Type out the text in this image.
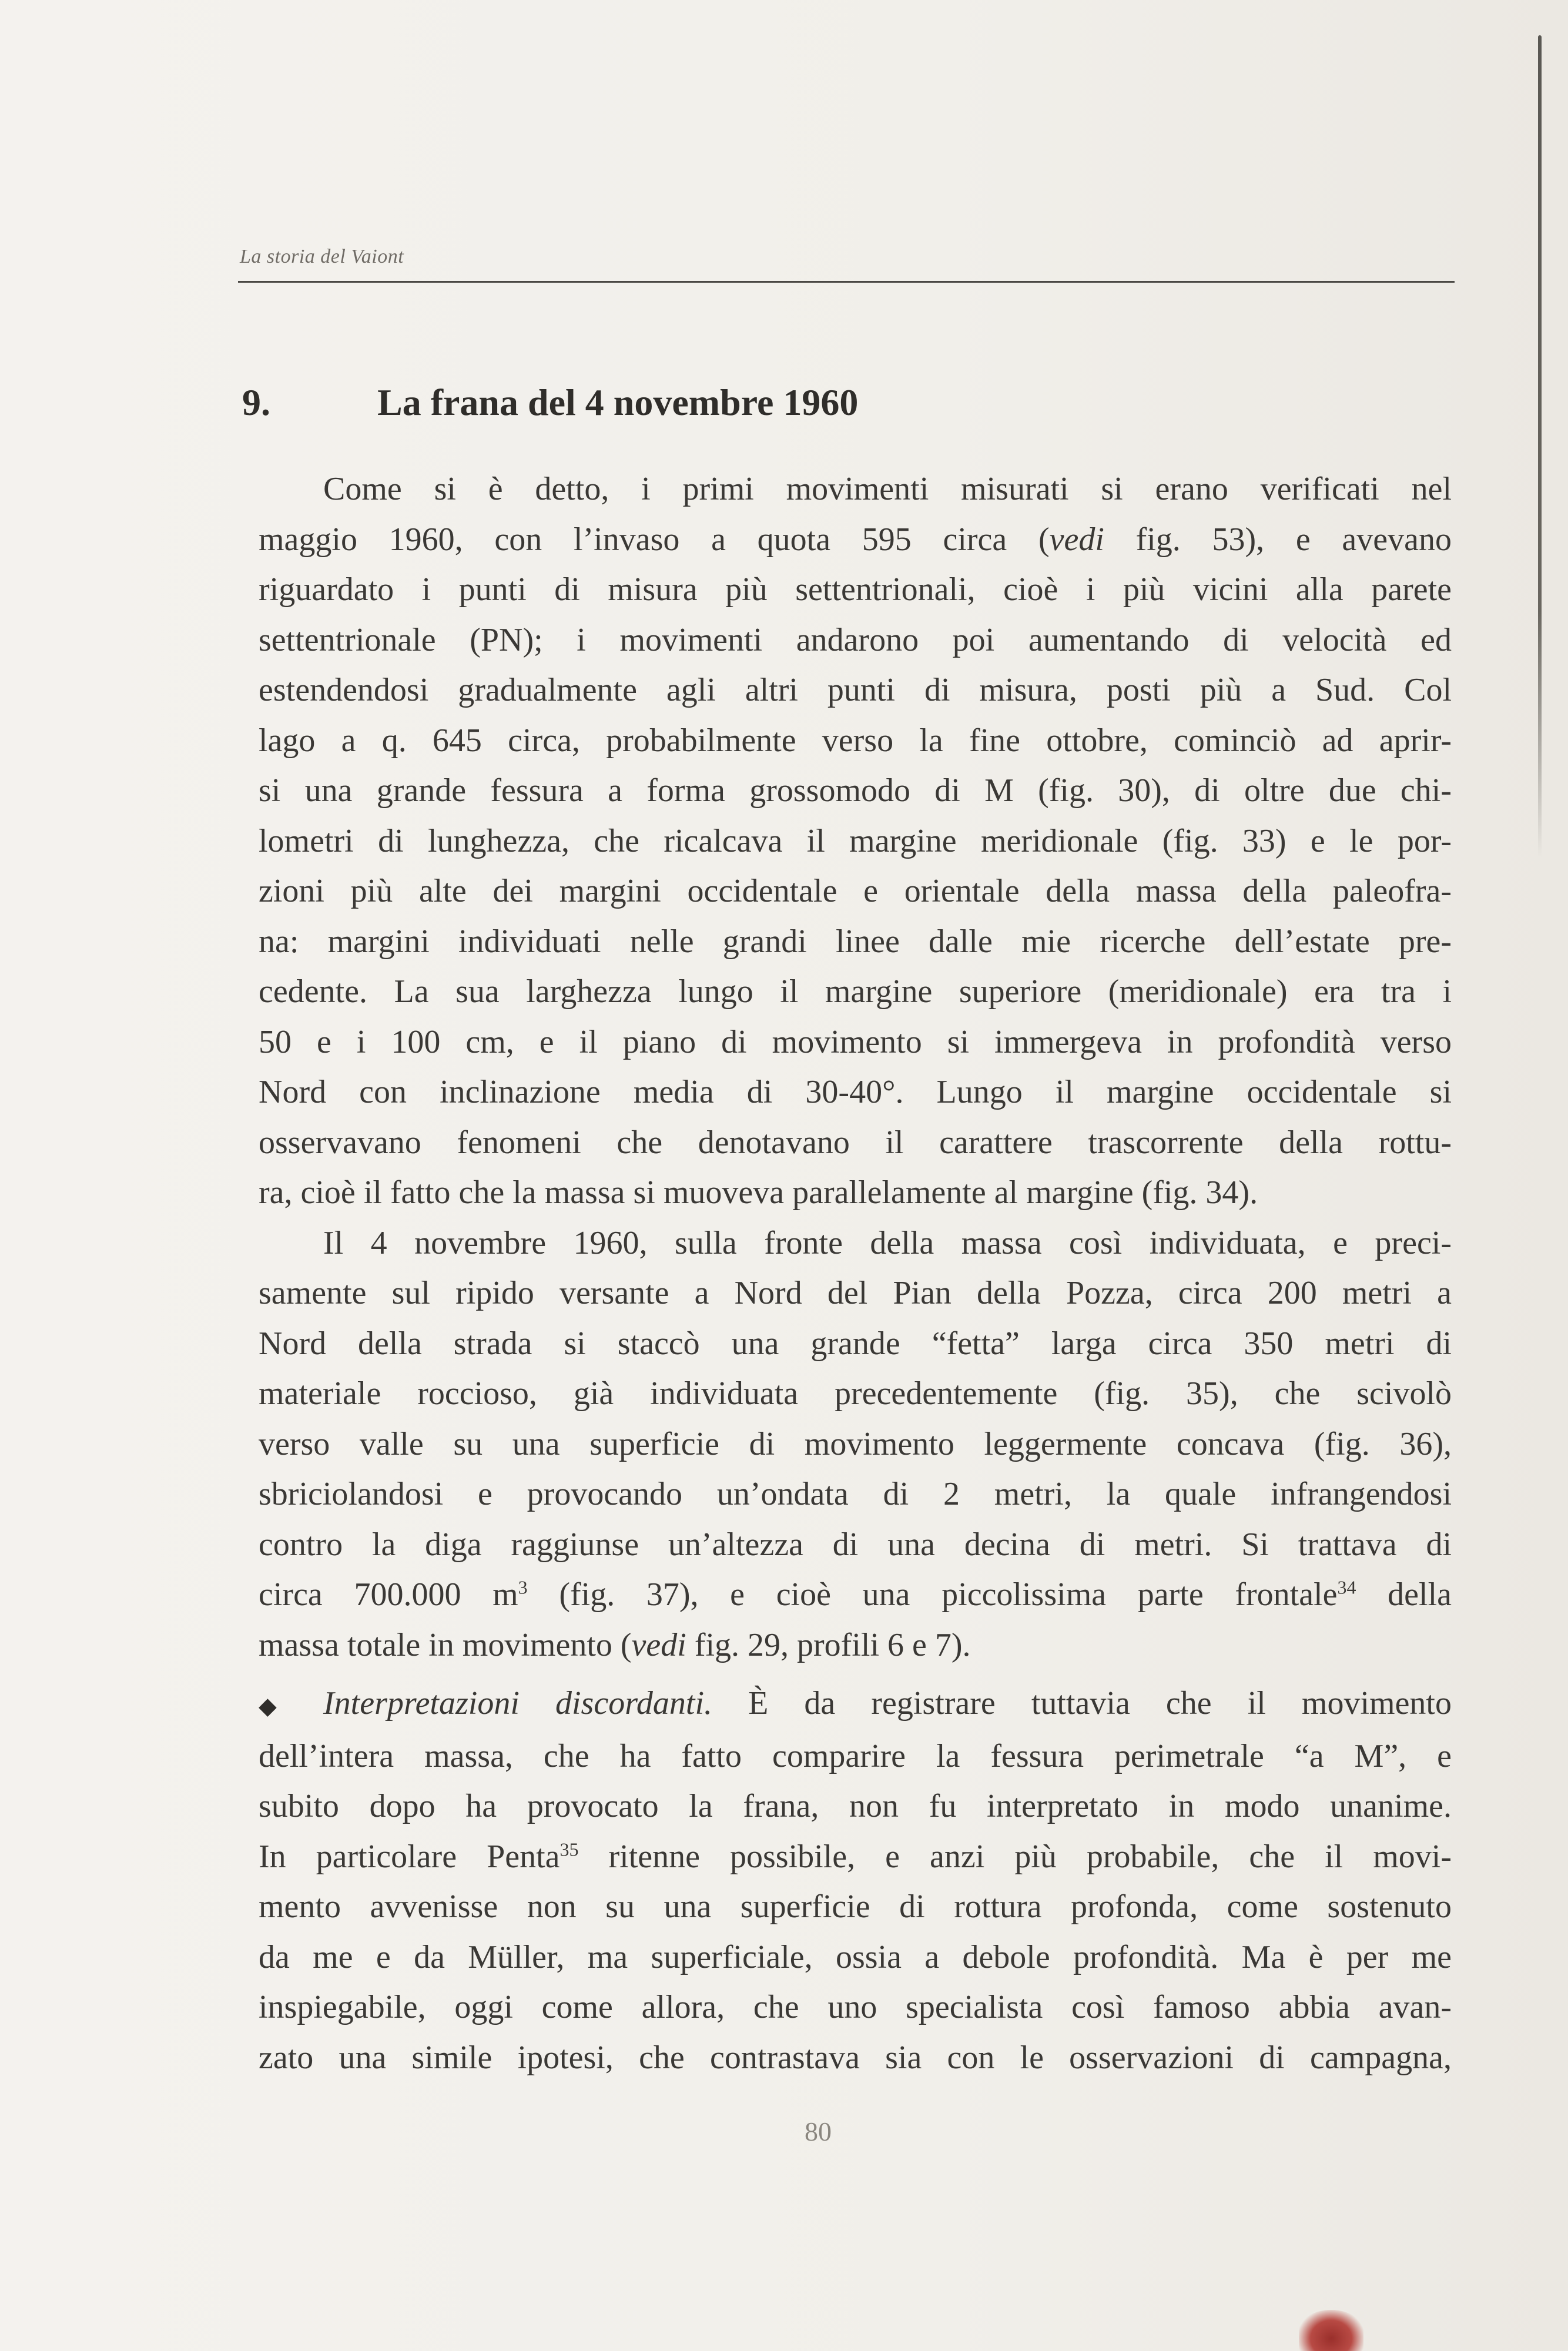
La storia del Vaiont
9.	La frana del 4 novembre 1960
Come si è detto, i primi movimenti misurati si erano verificati nel
maggio 1960, con l’invaso a quota 595 circa (vedi fig. 53), e avevano
riguardato i punti di misura più settentrionali, cioè i più vicini alla parete
settentrionale (PN); i movimenti andarono poi aumentando di velocità ed
estendendosi gradualmente agli altri punti di misura, posti più a Sud. Col
lago a q. 645 circa, probabilmente verso la fine ottobre, cominciò ad aprir-
si una grande fessura a forma grossomodo di M (fig. 30), di oltre due chi-
lometri di lunghezza, che ricalcava il margine meridionale (fig. 33) e le por-
zioni più alte dei margini occidentale e orientale della massa della paleofra-
na: margini individuati nelle grandi linee dalle mie ricerche dell’estate pre-
cedente. La sua larghezza lungo il margine superiore (meridionale) era tra i
50 e i 100 cm, e il piano di movimento si immergeva in profondità verso
Nord con inclinazione media di 30-40°. Lungo il margine occidentale si
osservavano fenomeni che denotavano il carattere trascorrente della rottu-
ra, cioè il fatto che la massa si muoveva parallelamente al margine (fig. 34).
Il 4 novembre 1960, sulla fronte della massa così individuata, e preci-
samente sul ripido versante a Nord del Pian della Pozza, circa 200 metri a
Nord della strada si staccò una grande “fetta” larga circa 350 metri di
materiale roccioso, già individuata precedentemente (fig. 35), che scivolò
verso valle su una superficie di movimento leggermente concava (fig. 36),
sbriciolandosi e provocando un’ondata di 2 metri, la quale infrangendosi
contro la diga raggiunse un’altezza di una decina di metri. Si trattava di
circa 700.000 $m^3$ (fig. 37), e cioè una piccolissima parte frontale$^{34}$ della
massa totale in movimento (vedi fig. 29, profili 6 e 7).
◆ Interpretazioni discordanti. È da registrare tuttavia che il movimento
dell’intera massa, che ha fatto comparire la fessura perimetrale “a M”, e
subito dopo ha provocato la frana, non fu interpretato in modo unanime.
In particolare Penta$^{35}$ ritenne possibile, e anzi più probabile, che il movi-
mento avvenisse non su una superficie di rottura profonda, come sostenuto
da me e da Müller, ma superficiale, ossia a debole profondità. Ma è per me
inspiegabile, oggi come allora, che uno specialista così famoso abbia avan-
zato una simile ipotesi, che contrastava sia con le osservazioni di campagna,
80
